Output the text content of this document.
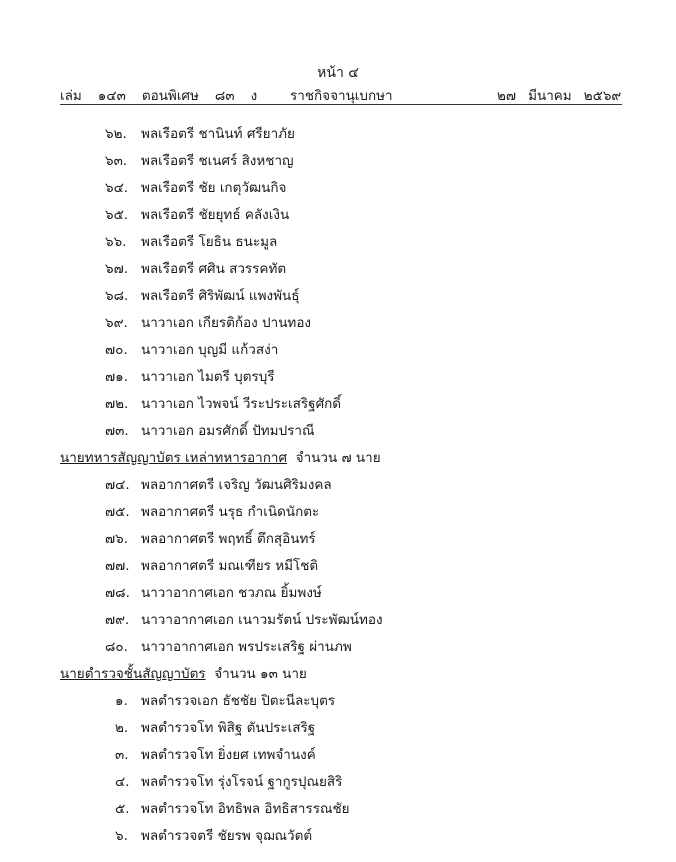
หน้า ๔
เล่ม ๑๔๓ ตอนพิเศษ ๘๓ ง	ราชกิจจานุเบกษา	๒๗ มีนาคม ๒๕๖๙
๖๒. พลเรือตรี ชานินท์ ศรียาภัย
๖๓. พลเรือตรี ชเนศร์ สิงหชาญ
๖๔. พลเรือตรี ชัย เกตุวัฒนกิจ
๖๕. พลเรือตรี ชัยยุทธ์ คลังเงิน
๖๖. พลเรือตรี โยธิน ธนะมูล
๖๗. พลเรือตรี ศศิน สวรรคทัต
๖๘. พลเรือตรี ศิริพัฒน์ แพงพันธุ์
๖๙. นาวาเอก เกียรติก้อง ปานทอง
๗๐. นาวาเอก บุญมี แก้วสง่า
๗๑. นาวาเอก ไมตรี บุตรบุรี
๗๒. นาวาเอก ไวพจน์ วีระประเสริฐศักดิ์
๗๓. นาวาเอก อมรศักดิ์ ปัทมปราณี
นายทหารสัญญาบัตร เหล่าทหารอากาศ จำนวน ๗ นาย
๗๔. พลอากาศตรี เจริญ วัฒนศิริมงคล
๗๕. พลอากาศตรี นรุธ กำเนิดนักตะ
๗๖. พลอากาศตรี พฤทธิ์ ตึกสุอินทร์
๗๗. พลอากาศตรี มณเฑียร หมีโชติ
๗๘. นาวาอากาศเอก ชวภณ ยิ้มพงษ์
๗๙. นาวาอากาศเอก เนาวมรัตน์ ประพัฒน์ทอง
๘๐. นาวาอากาศเอก พรประเสริฐ ผ่านภพ
นายตำรวจชั้นสัญญาบัตร จำนวน ๑๓ นาย
๑. พลตำรวจเอก ธัชชัย ปิตะนีละบุตร
๒. พลตำรวจโท พิสิฐ ตันประเสริฐ
๓. พลตำรวจโท ยิ่งยศ เทพจำนงค์
๔. พลตำรวจโท รุ่งโรจน์ ฐากูรปุณยสิริ
๕. พลตำรวจโท อิทธิพล อิทธิสารรณชัย
๖. พลตำรวจตรี ชัยรพ จุฌณวัตต์
